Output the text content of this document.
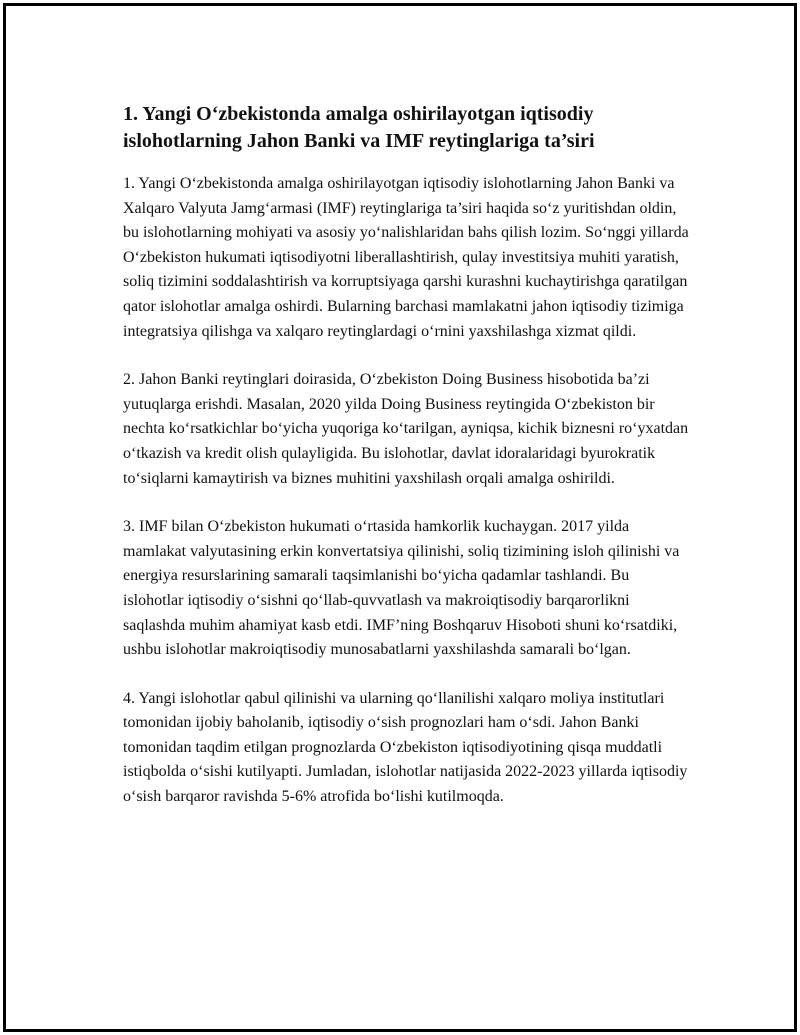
1. Yangi O‘zbekistonda amalga oshirilayotgan iqtisodiy islohotlarning Jahon Banki va IMF reytinglariga ta’siri

1. Yangi O‘zbekistonda amalga oshirilayotgan iqtisodiy islohotlarning Jahon Banki va Xalqaro Valyuta Jamg‘armasi (IMF) reytinglariga ta’siri haqida so‘z yuritishdan oldin, bu islohotlarning mohiyati va asosiy yo‘nalishlaridan bahs qilish lozim. So‘nggi yillarda O‘zbekiston hukumati iqtisodiyotni liberallashtirish, qulay investitsiya muhiti yaratish, soliq tizimini soddalashtirish va korruptsiyaga qarshi kurashni kuchaytirishga qaratilgan qator islohotlar amalga oshirdi. Bularning barchasi mamlakatni jahon iqtisodiy tizimiga integratsiya qilishga va xalqaro reytinglardagi o‘rnini yaxshilashga xizmat qildi.

2. Jahon Banki reytinglari doirasida, O‘zbekiston Doing Business hisobotida ba’zi yutuqlarga erishdi. Masalan, 2020 yilda Doing Business reytingida O‘zbekiston bir nechta ko‘rsatkichlar bo‘yicha yuqoriga ko‘tarilgan, ayniqsa, kichik biznesni ro‘yxatdan o‘tkazish va kredit olish qulayligida. Bu islohotlar, davlat idoralaridagi byurokratik to‘siqlarni kamaytirish va biznes muhitini yaxshilash orqali amalga oshirildi.

3. IMF bilan O‘zbekiston hukumati o‘rtasida hamkorlik kuchaygan. 2017 yilda mamlakat valyutasining erkin konvertatsiya qilinishi, soliq tizimining isloh qilinishi va energiya resurslarining samarali taqsimlanishi bo‘yicha qadamlar tashlandi. Bu islohotlar iqtisodiy o‘sishni qo‘llab-quvvatlash va makroiqtisodiy barqarorlikni saqlashda muhim ahamiyat kasb etdi. IMF’ning Boshqaruv Hisoboti shuni ko‘rsatdiki, ushbu islohotlar makroiqtisodiy munosabatlarni yaxshilashda samarali bo‘lgan.

4. Yangi islohotlar qabul qilinishi va ularning qo‘llanilishi xalqaro moliya institutlari tomonidan ijobiy baholanib, iqtisodiy o‘sish prognozlari ham o‘sdi. Jahon Banki tomonidan taqdim etilgan prognozlarda O‘zbekiston iqtisodiyotining qisqa muddatli istiqbolda o‘sishi kutilyapti. Jumladan, islohotlar natijasida 2022-2023 yillarda iqtisodiy o‘sish barqaror ravishda 5-6% atrofida bo‘lishi kutilmoqda.
